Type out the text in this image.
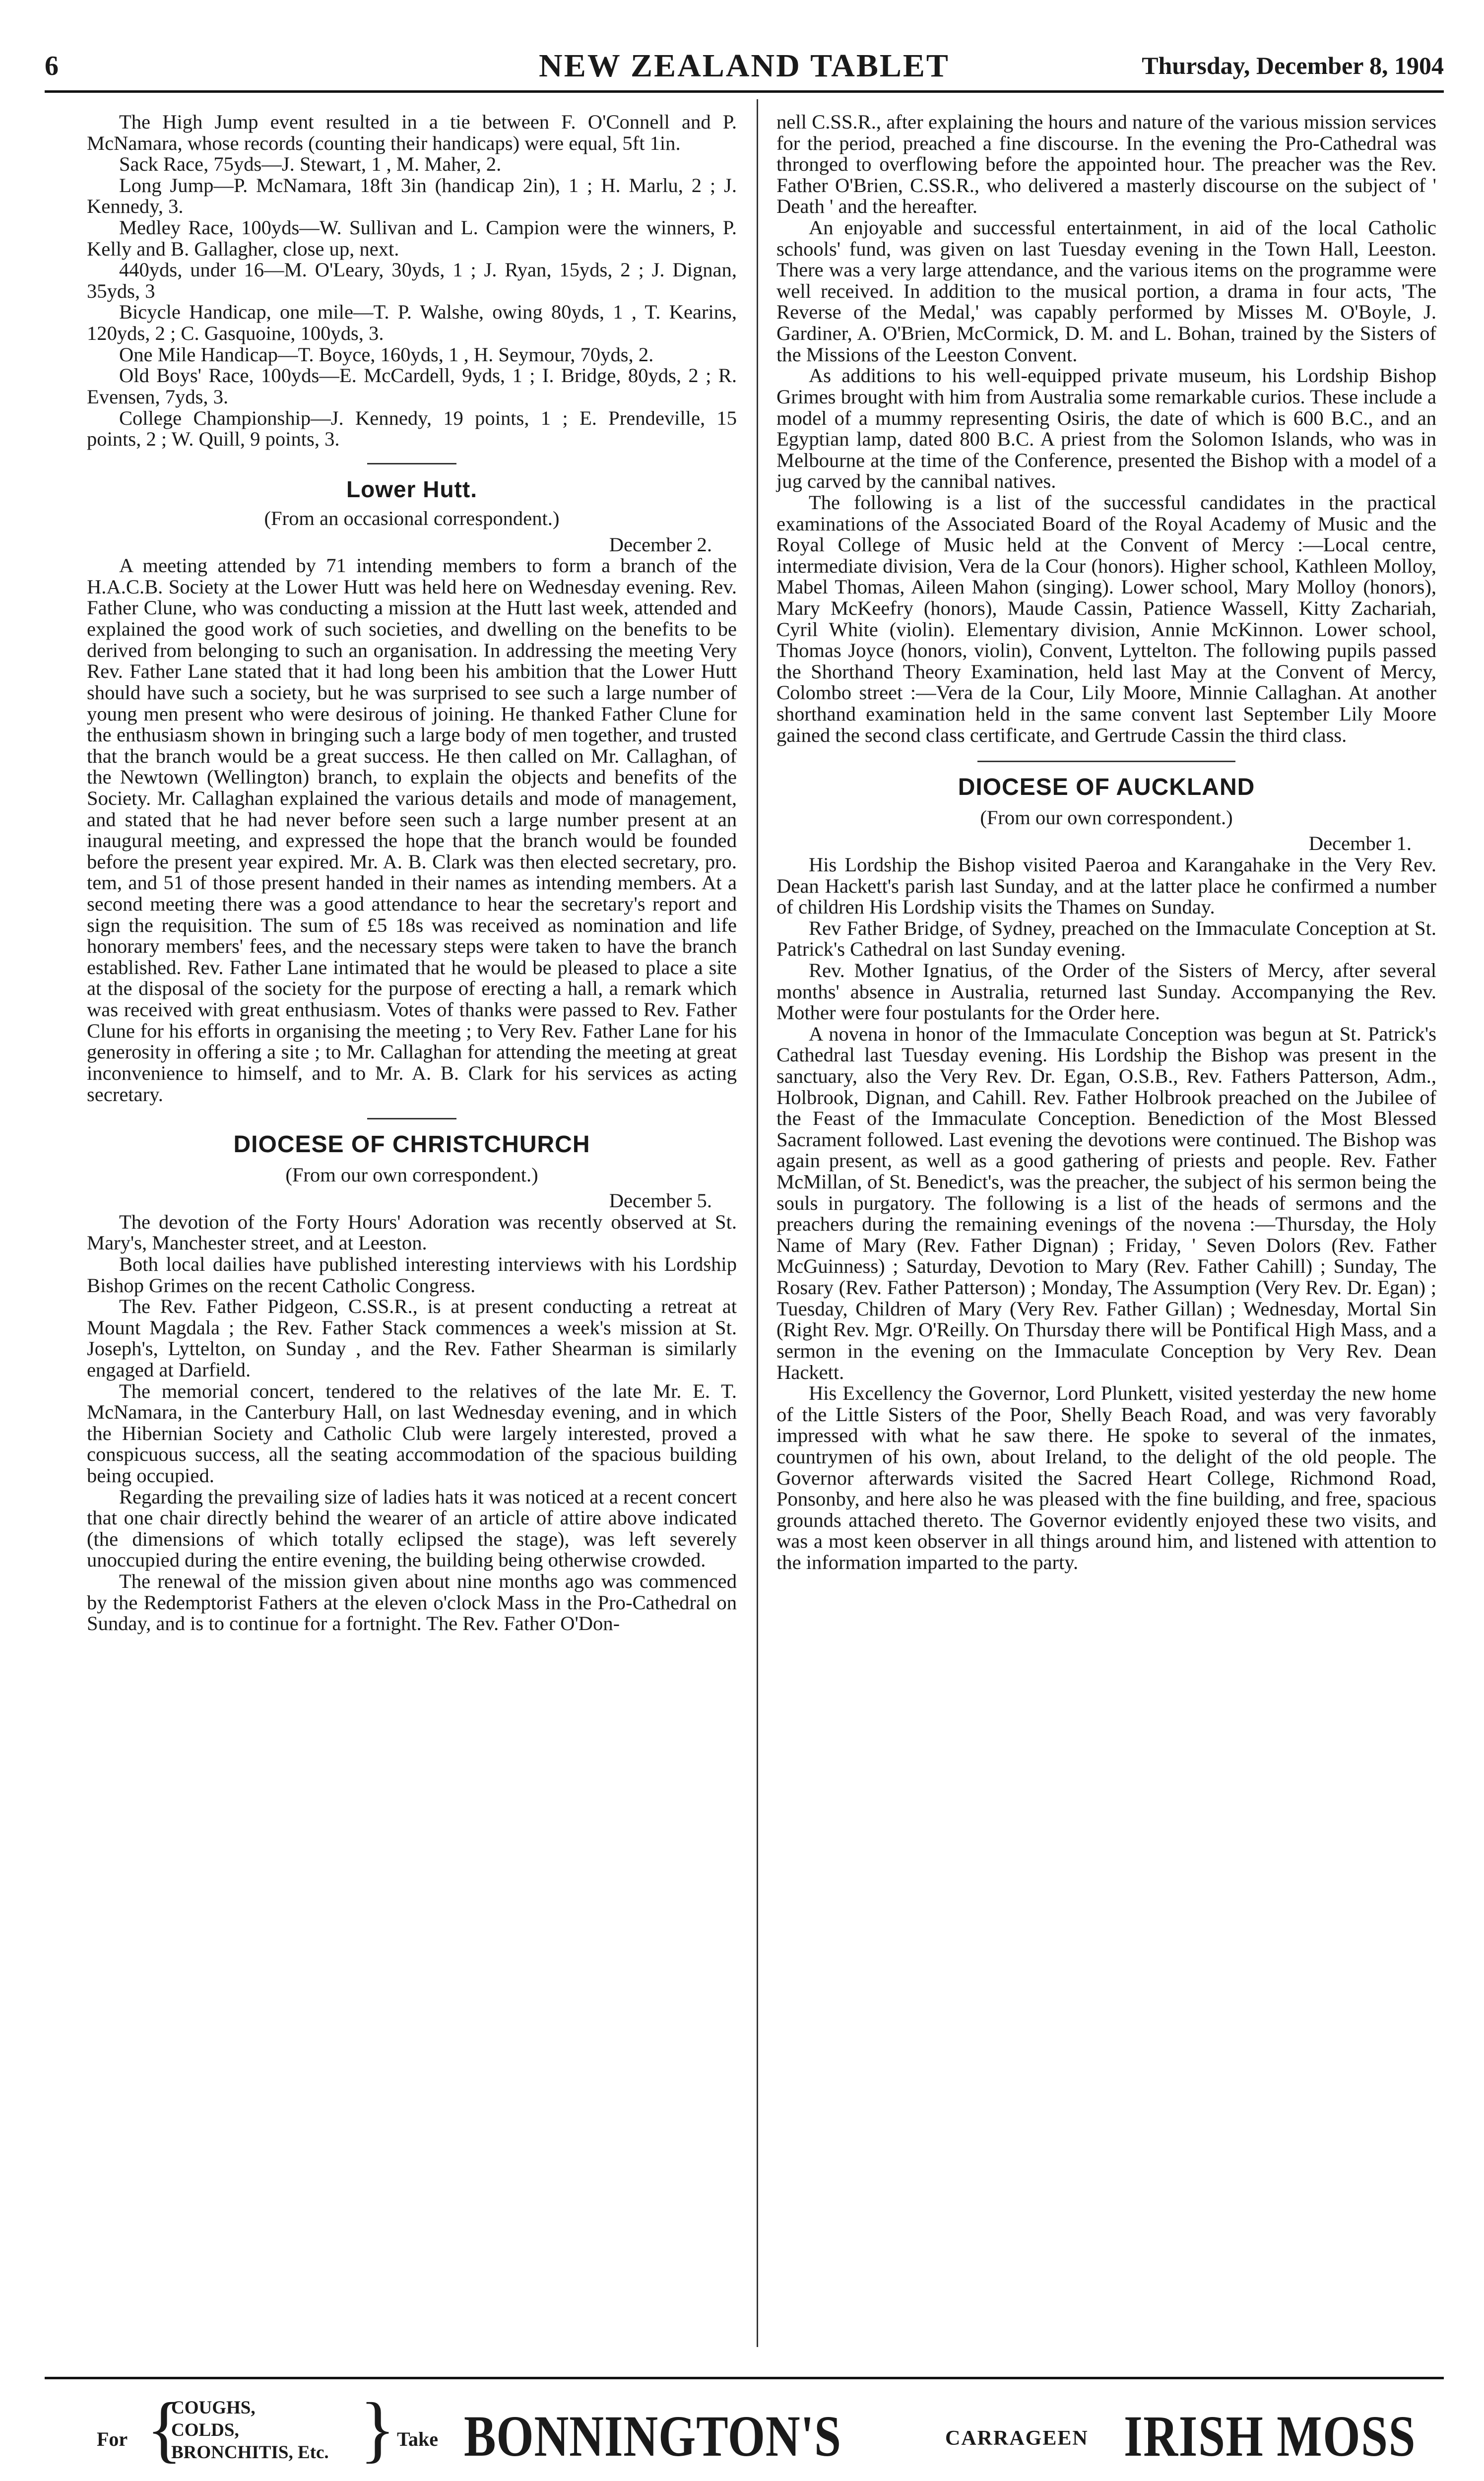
6	NEW ZEALAND TABLET	Thursday, December 8, 1904

The High Jump event resulted in a tie between F. O'Connell and P. McNamara, whose records (counting their handicaps) were equal, 5ft 1in.

Sack Race, 75yds—J. Stewart, 1 , M. Maher, 2.

Long Jump—P. McNamara, 18ft 3in (handicap 2in), 1 ; H. Marlu, 2 ; J. Kennedy, 3.

Medley Race, 100yds—W. Sullivan and L. Campion were the winners, P. Kelly and B. Gallagher, close up, next.

440yds, under 16—M. O'Leary, 30yds, 1 ; J. Ryan, 15yds, 2 ; J. Dignan, 35yds, 3

Bicycle Handicap, one mile—T. P. Walshe, owing 80yds, 1 , T. Kearins, 120yds, 2 ; C. Gasquoine, 100yds, 3.

One Mile Handicap—T. Boyce, 160yds, 1 , H. Seymour, 70yds, 2.

Old Boys' Race, 100yds—E. McCardell, 9yds, 1 ; I. Bridge, 80yds, 2 ; R. Evensen, 7yds, 3.

College Championship—J. Kennedy, 19 points, 1 ; E. Prendeville, 15 points, 2 ; W. Quill, 9 points, 3.

Lower Hutt.

(From an occasional correspondent.)

December 2.

A meeting attended by 71 intending members to form a branch of the H.A.C.B. Society at the Lower Hutt was held here on Wednesday evening. Rev. Father Clune, who was conducting a mission at the Hutt last week, attended and explained the good work of such societies, and dwelling on the benefits to be derived from belonging to such an organisation. In addressing the meeting Very Rev. Father Lane stated that it had long been his ambition that the Lower Hutt should have such a society, but he was surprised to see such a large number of young men present who were desirous of joining. He thanked Father Clune for the enthusiasm shown in bringing such a large body of men together, and trusted that the branch would be a great success. He then called on Mr. Callaghan, of the Newtown (Wellington) branch, to explain the objects and benefits of the Society. Mr. Callaghan explained the various details and mode of management, and stated that he had never before seen such a large number present at an inaugural meeting, and expressed the hope that the branch would be founded before the present year expired. Mr. A. B. Clark was then elected secretary, pro. tem, and 51 of those present handed in their names as intending members. At a second meeting there was a good attendance to hear the secretary's report and sign the requisition. The sum of £5 18s was received as nomination and life honorary members' fees, and the necessary steps were taken to have the branch established. Rev. Father Lane intimated that he would be pleased to place a site at the disposal of the society for the purpose of erecting a hall, a remark which was received with great enthusiasm. Votes of thanks were passed to Rev. Father Clune for his efforts in organising the meeting ; to Very Rev. Father Lane for his generosity in offering a site ; to Mr. Callaghan for attending the meeting at great inconvenience to himself, and to Mr. A. B. Clark for his services as acting secretary.

DIOCESE OF CHRISTCHURCH

(From our own correspondent.)

December 5.

The devotion of the Forty Hours' Adoration was recently observed at St. Mary's, Manchester street, and at Leeston.

Both local dailies have published interesting interviews with his Lordship Bishop Grimes on the recent Catholic Congress.

The Rev. Father Pidgeon, C.SS.R., is at present conducting a retreat at Mount Magdala ; the Rev. Father Stack commences a week's mission at St. Joseph's, Lyttelton, on Sunday , and the Rev. Father Shearman is similarly engaged at Darfield.

The memorial concert, tendered to the relatives of the late Mr. E. T. McNamara, in the Canterbury Hall, on last Wednesday evening, and in which the Hibernian Society and Catholic Club were largely interested, proved a conspicuous success, all the seating accommodation of the spacious building being occupied.

Regarding the prevailing size of ladies hats it was noticed at a recent concert that one chair directly behind the wearer of an article of attire above indicated (the dimensions of which totally eclipsed the stage), was left severely unoccupied during the entire evening, the building being otherwise crowded.

The renewal of the mission given about nine months ago was commenced by the Redemptorist Fathers at the eleven o'clock Mass in the Pro-Cathedral on Sunday, and is to continue for a fortnight. The Rev. Father O'Don-

nell C.SS.R., after explaining the hours and nature of the various mission services for the period, preached a fine discourse. In the evening the Pro-Cathedral was thronged to overflowing before the appointed hour. The preacher was the Rev. Father O'Brien, C.SS.R., who delivered a masterly discourse on the subject of ' Death ' and the hereafter.

An enjoyable and successful entertainment, in aid of the local Catholic schools' fund, was given on last Tuesday evening in the Town Hall, Leeston. There was a very large attendance, and the various items on the programme were well received. In addition to the musical portion, a drama in four acts, 'The Reverse of the Medal,' was capably performed by Misses M. O'Boyle, J. Gardiner, A. O'Brien, McCormick, D. M. and L. Bohan, trained by the Sisters of the Missions of the Leeston Convent.

As additions to his well-equipped private museum, his Lordship Bishop Grimes brought with him from Australia some remarkable curios. These include a model of a mummy representing Osiris, the date of which is 600 B.C., and an Egyptian lamp, dated 800 B.C. A priest from the Solomon Islands, who was in Melbourne at the time of the Conference, presented the Bishop with a model of a jug carved by the cannibal natives.

The following is a list of the successful candidates in the practical examinations of the Associated Board of the Royal Academy of Music and the Royal College of Music held at the Convent of Mercy :—Local centre, intermediate division, Vera de la Cour (honors). Higher school, Kathleen Molloy, Mabel Thomas, Aileen Mahon (singing). Lower school, Mary Molloy (honors), Mary McKeefry (honors), Maude Cassin, Patience Wassell, Kitty Zachariah, Cyril White (violin). Elementary division, Annie McKinnon. Lower school, Thomas Joyce (honors, violin), Convent, Lyttelton. The following pupils passed the Shorthand Theory Examination, held last May at the Convent of Mercy, Colombo street :—Vera de la Cour, Lily Moore, Minnie Callaghan. At another shorthand examination held in the same convent last September Lily Moore gained the second class certificate, and Gertrude Cassin the third class.

DIOCESE OF AUCKLAND

(From our own correspondent.)

December 1.

His Lordship the Bishop visited Paeroa and Karangahake in the Very Rev. Dean Hackett's parish last Sunday, and at the latter place he confirmed a number of children His Lordship visits the Thames on Sunday.

Rev Father Bridge, of Sydney, preached on the Immaculate Conception at St. Patrick's Cathedral on last Sunday evening.

Rev. Mother Ignatius, of the Order of the Sisters of Mercy, after several months' absence in Australia, returned last Sunday. Accompanying the Rev. Mother were four postulants for the Order here.

A novena in honor of the Immaculate Conception was begun at St. Patrick's Cathedral last Tuesday evening. His Lordship the Bishop was present in the sanctuary, also the Very Rev. Dr. Egan, O.S.B., Rev. Fathers Patterson, Adm., Holbrook, Dignan, and Cahill. Rev. Father Holbrook preached on the Jubilee of the Feast of the Immaculate Conception. Benediction of the Most Blessed Sacrament followed. Last evening the devotions were continued. The Bishop was again present, as well as a good gathering of priests and people. Rev. Father McMillan, of St. Benedict's, was the preacher, the subject of his sermon being the souls in purgatory. The following is a list of the heads of sermons and the preachers during the remaining evenings of the novena :—Thursday, the Holy Name of Mary (Rev. Father Dignan) ; Friday, ' Seven Dolors (Rev. Father McGuinness) ; Saturday, Devotion to Mary (Rev. Father Cahill) ; Sunday, The Rosary (Rev. Father Patterson) ; Monday, The Assumption (Very Rev. Dr. Egan) ; Tuesday, Children of Mary (Very Rev. Father Gillan) ; Wednesday, Mortal Sin (Right Rev. Mgr. O'Reilly. On Thursday there will be Pontifical High Mass, and a sermon in the evening on the Immaculate Conception by Very Rev. Dean Hackett.

His Excellency the Governor, Lord Plunkett, visited yesterday the new home of the Little Sisters of the Poor, Shelly Beach Road, and was very favorably impressed with what he saw there. He spoke to several of the inmates, countrymen of his own, about Ireland, to the delight of the old people. The Governor afterwards visited the Sacred Heart College, Richmond Road, Ponsonby, and here also he was pleased with the fine building, and free, spacious grounds attached thereto. The Governor evidently enjoyed these two visits, and was a most keen observer in all things around him, and listened with attention to the information imparted to the party.

For {
COUGHS,
COLDS,
BRONCHITIS, Etc. } Take BONNINGTON'S	CARRAGEEN IRISH MOSS
